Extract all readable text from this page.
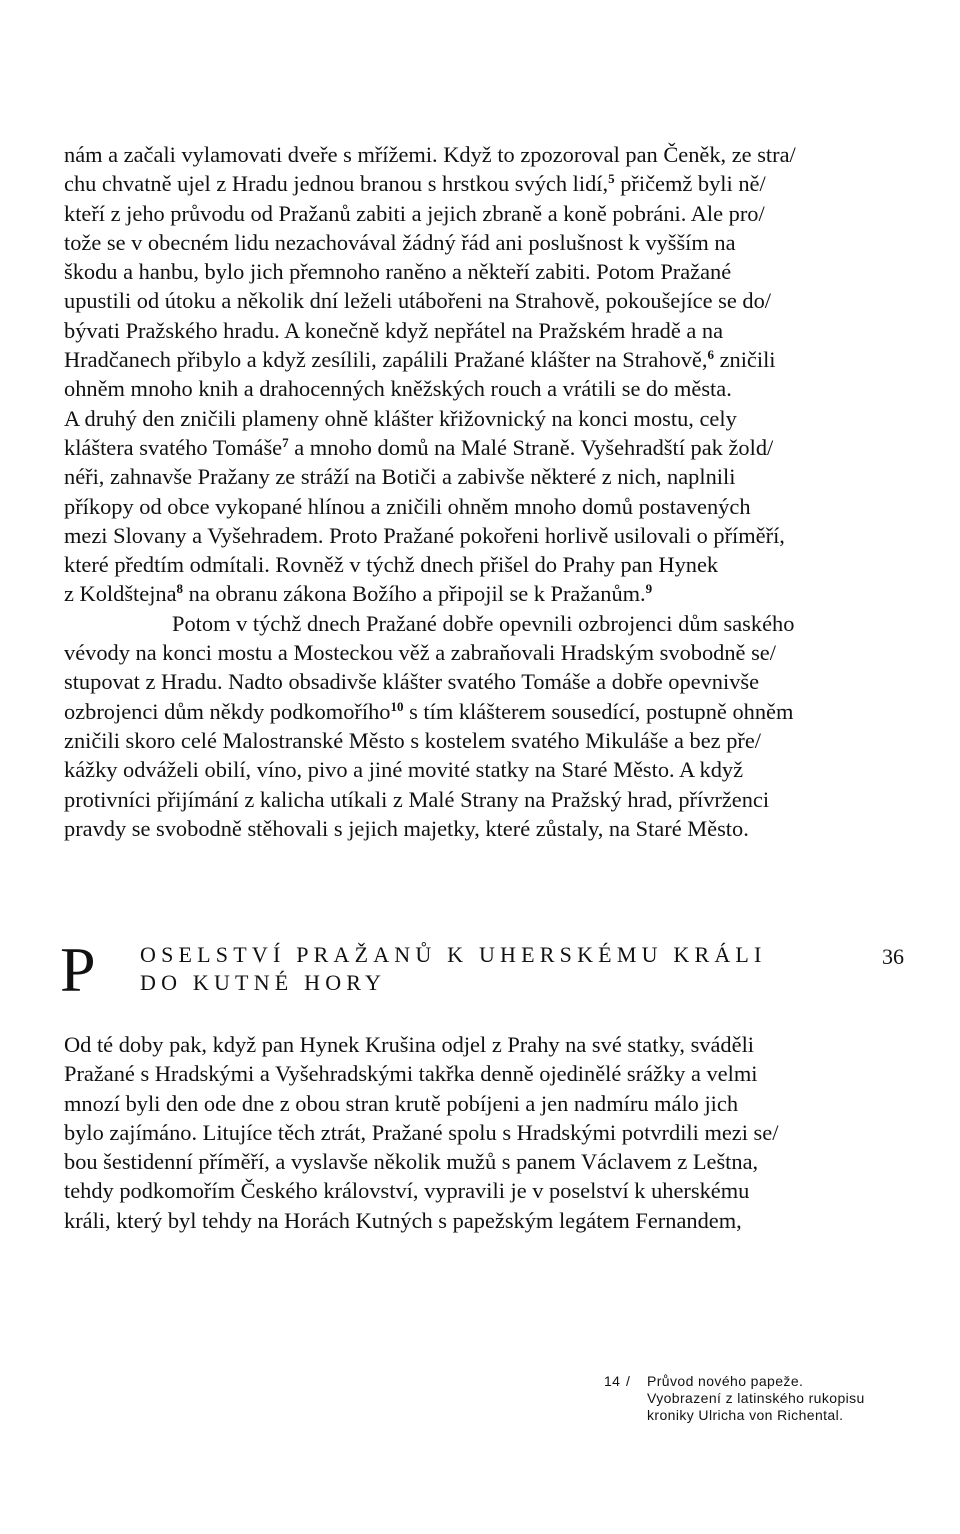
nám a začali vylamovati dveře s mřížemi. Když to zpozoroval pan Čeněk, ze stra/
chu chvatně ujel z Hradu jednou branou s hrstkou svých lidí,$^5$ přičemž byli ně/
kteří z jeho průvodu od Pražanů zabiti a jejich zbraně a koně pobráni. Ale pro/
tože se v obecném lidu nezachovával žádný řád ani poslušnost k vyšším na
škodu a hanbu, bylo jich přemnoho raněno a někteří zabiti. Potom Pražané
upustili od útoku a několik dní leželi utábořeni na Strahově, pokoušejíce se do/
bývati Pražského hradu. A konečně když nepřátel na Pražském hradě a na
Hradčanech přibylo a když zesílili, zapálili Pražané klášter na Strahově,$^6$ zničili
ohněm mnoho knih a drahocenných kněžských rouch a vrátili se do města.
A druhý den zničili plameny ohně klášter křižovnický na konci mostu, cely
kláštera svatého Tomáše$^7$ a mnoho domů na Malé Straně. Vyšehradští pak žold/
néři, zahnavše Pražany ze stráží na Botiči a zabivše některé z nich, naplnili
příkopy od obce vykopané hlínou a zničili ohněm mnoho domů postavených
mezi Slovany a Vyšehradem. Proto Pražané pokořeni horlivě usilovali o příměří,
které předtím odmítali. Rovněž v týchž dnech přišel do Prahy pan Hynek
z Koldštejna$^8$ na obranu zákona Božího a připojil se k Pražanům.$^9$
Potom v týchž dnech Pražané dobře opevnili ozbrojenci dům saského
vévody na konci mostu a Mosteckou věž a zabraňovali Hradským svobodně se/
stupovat z Hradu. Nadto obsadivše klášter svatého Tomáše a dobře opevnivše
ozbrojenci dům někdy podkomořího$^{10}$ s tím klášterem sousedící, postupně ohněm
zničili skoro celé Malostranské Město s kostelem svatého Mikuláše a bez pře/
kážky odváželi obilí, víno, pivo a jiné movité statky na Staré Město. A když
protivníci přijímání z kalicha utíkali z Malé Strany na Pražský hrad, přívrženci
pravdy se svobodně stěhovali s jejich majetky, které zůstaly, na Staré Město.
P OSELSTVÍ PRAŽANŮ K UHERSKÉMU KRÁLI
DO KUTNÉ HORY
36
Od té doby pak, když pan Hynek Krušina odjel z Prahy na své statky, sváděli
Pražané s Hradskými a Vyšehradskými takřka denně ojedinělé srážky a velmi
mnozí byli den ode dne z obou stran krutě pobíjeni a jen nadmíru málo jich
bylo zajímáno. Litujíce těch ztrát, Pražané spolu s Hradskými potvrdili mezi se/
bou šestidenní příměří, a vyslavše několik mužů s panem Václavem z Leštna,
tehdy podkomořím Českého království, vypravili je v poselství k uherskému
králi, který byl tehdy na Horách Kutných s papežským legátem Fernandem,
14 / Průvod nového papeže.
Vyobrazení z latinského rukopisu
kroniky Ulricha von Richental.
